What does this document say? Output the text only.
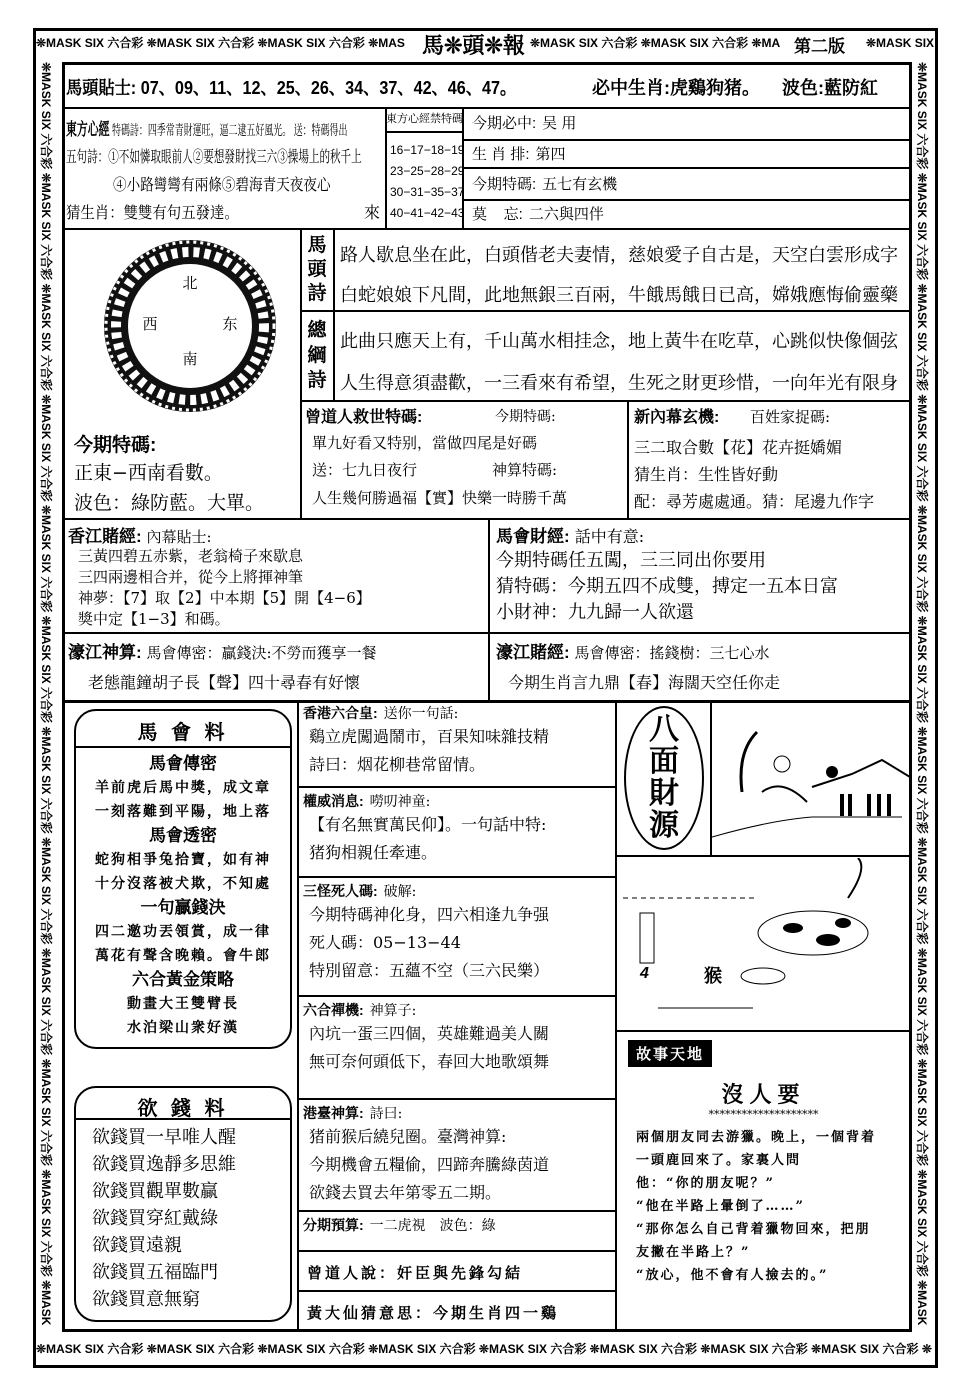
❊MASK SIX 六合彩 ❊MASK SIX 六合彩 ❊MASK SIX 六合彩 ❊MAS 馬❊頭❊報 ❊MASK SIX 六合彩 ❊MASK SIX 六合彩 ❊MA 第二版	❊MASK SIX
❊MASK SIX 六合彩 ❊MASK SIX 六合彩 ❊MASK SIX 六合彩 ❊MASK SIX 六合彩 ❊MASK SIX 六合彩 ❊MASK SIX 六合彩 ❊MASK SIX 六合彩 ❊MASK SIX 六合彩 ❊
❊MASK SIX 六合彩 ❊MASK SIX 六合彩 ❊MASK SIX 六合彩 ❊MASK SIX 六合彩 ❊MASK SIX 六合彩 ❊MASK SIX 六合彩 ❊MASK SIX 六合彩 ❊MASK SIX 六合彩 ❊MASK SIX 六合彩 ❊MASK SIX 六合彩 ❊MASK SIX 六合彩 ❊MASK	❊MASK SIX 六合彩 ❊MASK SIX 六合彩 ❊MASK SIX 六合彩 ❊MASK SIX 六合彩 ❊MASK SIX 六合彩 ❊MASK SIX 六合彩 ❊MASK SIX 六合彩 ❊MASK SIX 六合彩 ❊MASK SIX 六合彩 ❊MASK SIX 六合彩 ❊MASK SIX 六合彩 ❊MASK
馬頭貼士: 07、09、11、12、25、26、34、37、42、46、47。	必中生肖:虎鷄狗猪。 波色:藍防紅
東方心經 特碼詩：四季常青財運旺，逼二逮五好風光。 送：特碼得出
五句詩：①不如憐取眼前人②要想發財找三六③操場上的秋千上
④小路彎彎有兩條⑤碧海青天夜夜心
猜生肖：雙雙有句五發達。	來
東方心經禁特碼
16−17−18−19
23−25−28−29
30−31−35−37
40−41−42−43
今期必中: 吴 用
生 肖 排: 第四
今期特碼: 五七有玄機
莫    忘: 二六與四伴
北
西	东
南
今期特碼:
正東−西南看數。
波色：綠防藍。大單。
馬頭詩
路人歇息坐在此，白頭偕老夫妻情，慈娘愛子自古是，天空白雲形成字
白蛇娘娘下凡間，此地無銀三百兩，牛餓馬餓日已高，嫦娥應悔偷靈藥
總綱詩
此曲只應天上有，千山萬水相挂念，地上黃牛在吃草，心跳似快像個弦
人生得意須盡歡，一三看來有希望，生死之財更珍惜，一向年光有限身
曾道人救世特碼:	今期特碼:
單九好看又特别，當做四尾是好碼
送：七九日夜行	神算特碼:
人生幾何勝過福【實】快樂一時勝千萬
新內幕玄機: 百姓家捉碼:
三二取合數【花】花卉挺嬌媚
猜生肖：生性皆好動
配：尋芳處處通。猜：尾邊九作字
香江賭經: 內幕貼士:
三黃四碧五赤紫，老翁椅子來歇息
三四兩邊相合并，從今上將揮神筆
神夢：【7】取【2】中本期【5】開【4−6】
獎中定【1−3】和碼。
馬會財經: 話中有意:
今期特碼任五闖，三三同出你要用
猜特碼：今期五四不成雙，搏定一五本日富
小財神：九九歸一人欲還
濠江神算: 馬會傳密：贏錢決:不勞而獲享一餐
老態龍鐘胡子長【聲】四十尋春有好懷
濠江賭經: 馬會傳密：搖錢樹：三七心水
今期生肖言九鼎【春】海闊天空任你走
馬 會 料
馬會傳密
羊前虎后馬中獎，成文章
一刻落難到平陽，地上落
馬會透密
蛇狗相爭兔拾寶，如有神
十分沒落被犬欺，不知處
一句贏錢決
四二邀功丟領賞，成一律
萬花有聲含晚賴。會牛郎
六合黃金策略
動畫大王雙臂長
水泊梁山衆好漢
欲 錢 料
欲錢買一早唯人醒
欲錢買逸靜多思維
欲錢買觀單數贏
欲錢買穿紅戴綠
欲錢買遠親
欲錢買五福臨門
欲錢買意無窮
香港六合皇: 送你一句話:
鷄立虎闖過鬧市，百果知味雜技精
詩曰：烟花柳巷常留情。
權威消息: 嘮叨神童:
【有名無實萬民仰】。一句話中特:
猪狗相親任牽連。
三怪死人碼: 破解:
今期特碼神化身，四六相逢九争强
死人碼：05−13−44
特別留意：五蘊不空（三六民樂）
六合禪機: 神算子:
內坑一蛋三四個，英雄難過美人關
無可奈何頭低下，春回大地歌頌舞
港臺神算: 詩曰:
猪前猴后繞兒圈。臺灣神算:
今期機會五糧偷，四蹄奔騰綠茵道
欲錢去買去年第零五二期。
分期預算: 一二虎視　波色：綠
曾道人說：奸臣與先鋒勾結
黃大仙猜意思：今期生肖四一鷄
八面財源
4	猴
故事天地
沒人要
********************
兩個朋友同去游獵。晚上，一個背着
一頭鹿回來了。家裏人問
他：“你的朋友呢？”
“他在半路上暈倒了……”
“那你怎么自己背着獵物回來，把朋
友撇在半路上？”
“放心，他不會有人撿去的。”
